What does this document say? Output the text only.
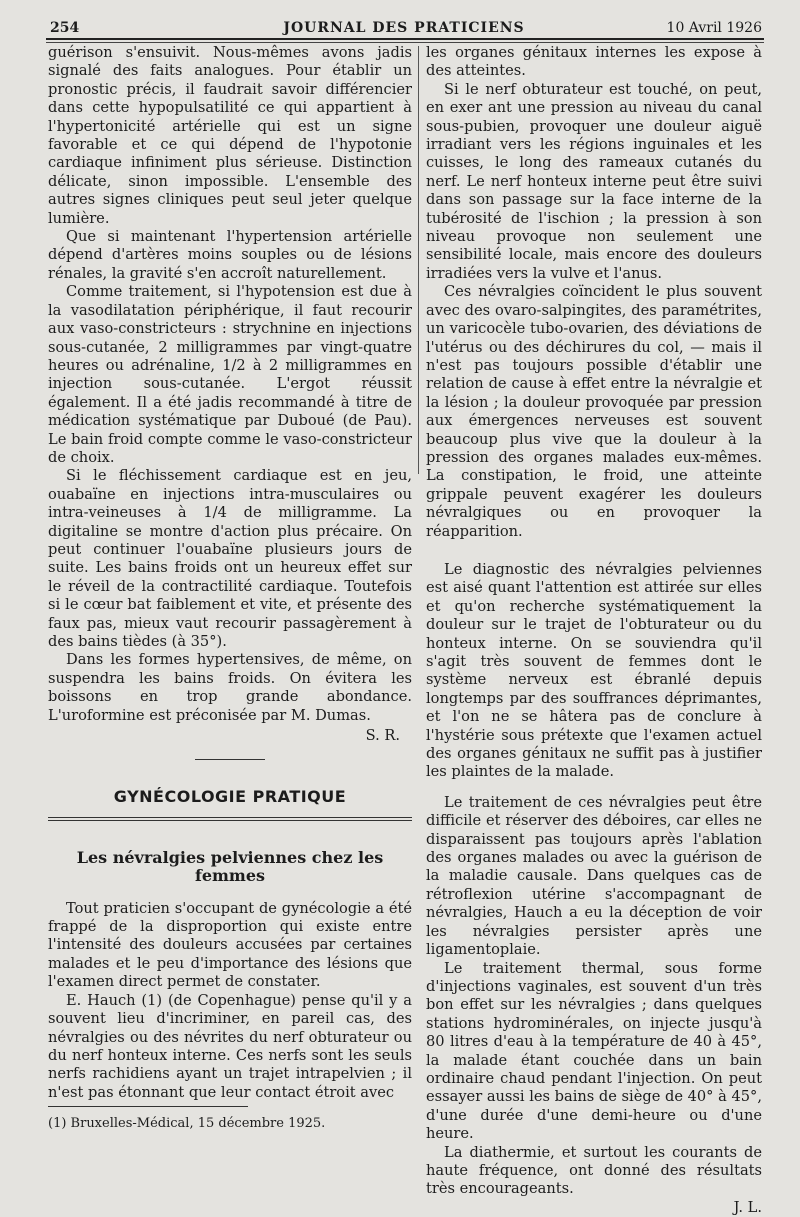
254	JOURNAL DES PRATICIENS	10 Avril 1926

guérison s'ensuivit. Nous-mêmes avons jadis signalé des faits analogues. Pour établir un pronostic précis, il faudrait savoir différencier dans cette hypopulsatilité ce qui appartient à l'hypertonicité artérielle qui est un signe favorable et ce qui dépend de l'hypotonie cardiaque infiniment plus sérieuse. Distinction délicate, sinon impossible. L'ensemble des autres signes cliniques peut seul jeter quelque lumière.

Que si maintenant l'hypertension artérielle dépend d'artères moins souples ou de lésions rénales, la gravité s'en accroît naturellement.

Comme traitement, si l'hypotension est due à la vasodilatation périphérique, il faut recourir aux vaso-constricteurs : strychnine en injections sous-cutanée, 2 milligrammes par vingt-quatre heures ou adrénaline, 1/2 à 2 milligrammes en injection sous-cutanée. L'ergot réussit également. Il a été jadis recommandé à titre de médication systématique par Duboué (de Pau). Le bain froid compte comme le vaso-constricteur de choix.

Si le fléchissement cardiaque est en jeu, ouabaïne en injections intra-musculaires ou intra-veineuses à 1/4 de milligramme. La digitaline se montre d'action plus précaire. On peut continuer l'ouabaïne plusieurs jours de suite. Les bains froids ont un heureux effet sur le réveil de la contractilité cardiaque. Toutefois si le cœur bat faiblement et vite, et présente des faux pas, mieux vaut recourir passagèrement à des bains tièdes (à 35°).

Dans les formes hypertensives, de même, on suspendra les bains froids. On évitera les boissons en trop grande abondance. L'uroformine est préconisée par M. Dumas.

S. R.

GYNÉCOLOGIE PRATIQUE
Les névralgies pelviennes chez les femmes

Tout praticien s'occupant de gynécologie a été frappé de la disproportion qui existe entre l'intensité des douleurs accusées par certaines malades et le peu d'importance des lésions que l'examen direct permet de constater.

E. Hauch (1) (de Copenhague) pense qu'il y a souvent lieu d'incriminer, en pareil cas, des névralgies ou des névrites du nerf obturateur ou du nerf honteux interne. Ces nerfs sont les seuls nerfs rachidiens ayant un trajet intrapelvien ; il n'est pas étonnant que leur contact étroit avec

(1) Bruxelles-Médical, 15 décembre 1925.

les organes génitaux internes les expose à des atteintes.

Si le nerf obturateur est touché, on peut, en exer ant une pression au niveau du canal sous-pubien, provoquer une douleur aiguë irradiant vers les régions inguinales et les cuisses, le long des rameaux cutanés du nerf. Le nerf honteux interne peut être suivi dans son passage sur la face interne de la tubérosité de l'ischion ; la pression à son niveau provoque non seulement une sensibilité locale, mais encore des douleurs irradiées vers la vulve et l'anus.

Ces névralgies coïncident le plus souvent avec des ovaro-salpingites, des paramétrites, un varicocèle tubo-ovarien, des déviations de l'utérus ou des déchirures du col, — mais il n'est pas toujours possible d'établir une relation de cause à effet entre la névralgie et la lésion ; la douleur provoquée par pression aux émergences nerveuses est souvent beaucoup plus vive que la douleur à la pression des organes malades eux-mêmes. La constipation, le froid, une atteinte grippale peuvent exagérer les douleurs névralgiques ou en provoquer la réapparition.

Le diagnostic des névralgies pelviennes est aisé quant l'attention est attirée sur elles et qu'on recherche systématiquement la douleur sur le trajet de l'obturateur ou du honteux interne. On se souviendra qu'il s'agit très souvent de femmes dont le système nerveux est ébranlé depuis longtemps par des souffrances déprimantes, et l'on ne se hâtera pas de conclure à l'hystérie sous prétexte que l'examen actuel des organes génitaux ne suffit pas à justifier les plaintes de la malade.

Le traitement de ces névralgies peut être difficile et réserver des déboires, car elles ne disparaissent pas toujours après l'ablation des organes malades ou avec la guérison de la maladie causale. Dans quelques cas de rétroflexion utérine s'accompagnant de névralgies, Hauch a eu la déception de voir les névralgies persister après une ligamentoplaie.

Le traitement thermal, sous forme d'injections vaginales, est souvent d'un très bon effet sur les névralgies ; dans quelques stations hydrominérales, on injecte jusqu'à 80 litres d'eau à la température de 40 à 45°, la malade étant couchée dans un bain ordinaire chaud pendant l'injection. On peut essayer aussi les bains de siège de 40° à 45°, d'une durée d'une demi-heure ou d'une heure.

La diathermie, et surtout les courants de haute fréquence, ont donné des résultats très encourageants.

J. L.
